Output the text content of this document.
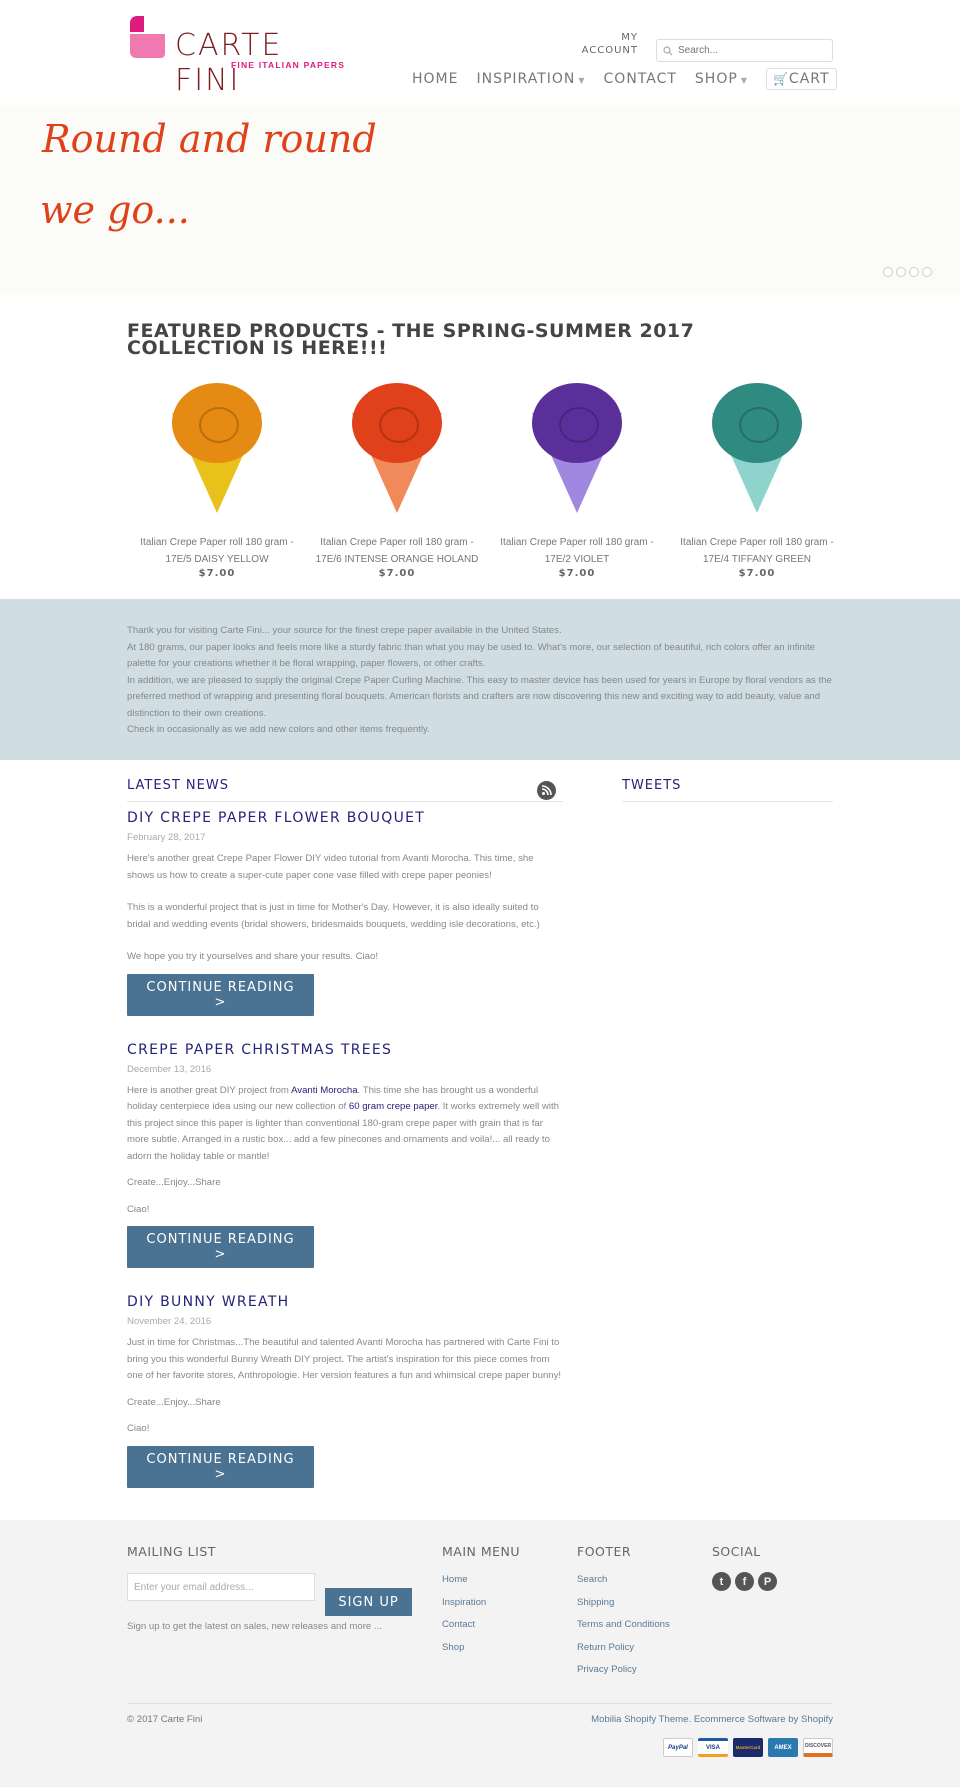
CARTE FINI
FINE ITALIAN PAPERS
MY ACCOUNT
Search...
HOME INSPIRATION ▼ CONTACT SHOP ▼	🛒CART
Round and round
we go...
FEATURED PRODUCTS - THE SPRING-SUMMER 2017 COLLECTION IS HERE!!!
Italian Crepe Paper roll 180 gram -
17E/5 DAISY YELLOW
$7.00
Italian Crepe Paper roll 180 gram -
17E/6 INTENSE ORANGE HOLAND
$7.00
Italian Crepe Paper roll 180 gram -
17E/2 VIOLET
$7.00
Italian Crepe Paper roll 180 gram -
17E/4 TIFFANY GREEN
$7.00

Thank you for visiting Carte Fini... your source for the finest crepe paper available in the United States.

At 180 grams, our paper looks and feels more like a sturdy fabric than what you may be used to. What's more, our selection of beautiful, rich colors offer an infinite palette for your creations whether it be floral wrapping, paper flowers, or other crafts.

In addition, we are pleased to supply the original Crepe Paper Curling Machine. This easy to master device has been used for years in Europe by floral vendors as the preferred method of wrapping and presenting floral bouquets. American florists and crafters are now discovering this new and exciting way to add beauty, value and distinction to their own creations.

Check in occasionally as we add new colors and other items frequently.

LATEST NEWS
DIY CREPE PAPER FLOWER BOUQUET
February 28, 2017

Here's another great Crepe Paper Flower DIY video tutorial from Avanti Morocha. This time, she shows us how to create a super-cute paper cone vase filled with crepe paper peonies!

This is a wonderful project that is just in time for Mother's Day. However, it is also ideally suited to bridal and wedding events (bridal showers, bridesmaids bouquets, wedding isle decorations, etc.)

We hope you try it yourselves and share your results. Ciao!

CONTINUE READING >
CREPE PAPER CHRISTMAS TREES
December 13, 2016

Here is another great DIY project from Avanti Morocha. This time she has brought us a wonderful holiday centerpiece idea using our new collection of 60 gram crepe paper. It works extremely well with this project since this paper is lighter than conventional 180-gram crepe paper with grain that is far more subtle. Arranged in a rustic box... add a few pinecones and ornaments and voila!... all ready to adorn the holiday table or mantle!

Create...Enjoy...Share

Ciao!

CONTINUE READING >
DIY BUNNY WREATH
November 24, 2016

Just in time for Christmas...The beautiful and talented Avanti Morocha has partnered with Carte Fini to bring you this wonderful Bunny Wreath DIY project. The artist's inspiration for this piece comes from one of her favorite stores, Anthropologie. Her version features a fun and whimsical crepe paper bunny!

Create...Enjoy...Share

Ciao!

CONTINUE READING >
TWEETS
MAILING LIST
Enter your email address...
SIGN UP
Sign up to get the latest on sales, new releases and more ...
MAIN MENU
Home
Inspiration
Contact
Shop
FOOTER
Search
Shipping
Terms and Conditions
Return Policy
Privacy Policy
SOCIAL
t	f	P
© 2017 Carte Fini	Mobilia Shopify Theme. Ecommerce Software by Shopify
PayPal	VISA	MasterCard	AMEX	DISCOVER
